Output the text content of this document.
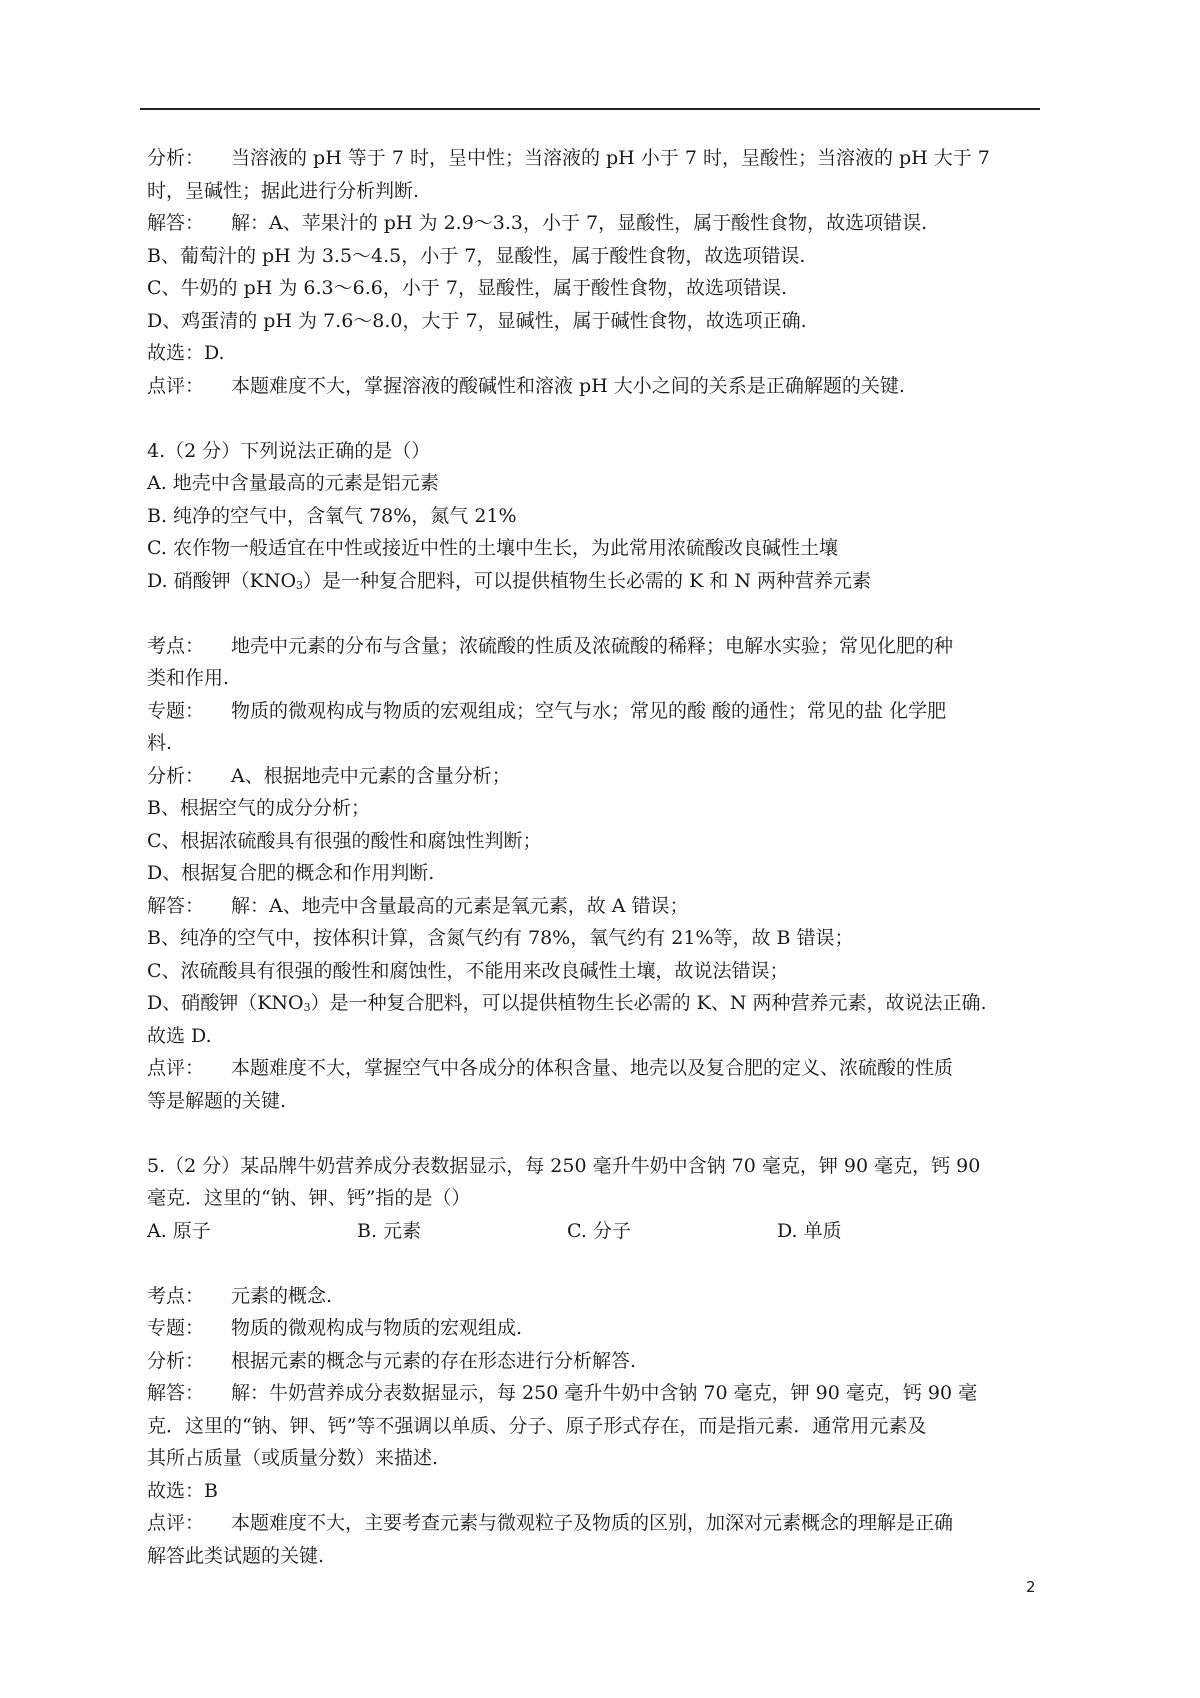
分析： 当溶液的 pH 等于 7 时，呈中性；当溶液的 pH 小于 7 时，呈酸性；当溶液的 pH 大于 7
时，呈碱性；据此进行分析判断.
解答： 解：A、苹果汁的 pH 为 2.9～3.3，小于 7，显酸性，属于酸性食物，故选项错误.
B、葡萄汁的 pH 为 3.5～4.5，小于 7，显酸性，属于酸性食物，故选项错误.
C、牛奶的 pH 为 6.3～6.6，小于 7，显酸性，属于酸性食物，故选项错误.
D、鸡蛋清的 pH 为 7.6～8.0，大于 7，显碱性，属于碱性食物，故选项正确.
故选：D.
点评： 本题难度不大，掌握溶液的酸碱性和溶液 pH 大小之间的关系是正确解题的关键.
4.（2 分）下列说法正确的是（）
A. 地壳中含量最高的元素是铝元素
B. 纯净的空气中，含氧气 78%，氮气 21%
C. 农作物一般适宜在中性或接近中性的土壤中生长，为此常用浓硫酸改良碱性土壤
D. 硝酸钾$(KNO_3)$是一种复合肥料，可以提供植物生长必需的 K 和 N 两种营养元素
考点： 地壳中元素的分布与含量；浓硫酸的性质及浓硫酸的稀释；电解水实验；常见化肥的种
类和作用.
专题： 物质的微观构成与物质的宏观组成；空气与水；常见的酸 酸的通性；常见的盐 化学肥
料.
分析： A、根据地壳中元素的含量分析；
B、根据空气的成分分析；
C、根据浓硫酸具有很强的酸性和腐蚀性判断；
D、根据复合肥的概念和作用判断.
解答： 解：A、地壳中含量最高的元素是氧元素，故 A 错误；
B、纯净的空气中，按体积计算，含氮气约有 78%，氧气约有 21%等，故 B 错误；
C、浓硫酸具有很强的酸性和腐蚀性，不能用来改良碱性土壤，故说法错误；
D、硝酸钾$(KNO_3)$是一种复合肥料，可以提供植物生长必需的 K、N 两种营养元素，故说法正确.
故选 D.
点评： 本题难度不大，掌握空气中各成分的体积含量、地壳以及复合肥的定义、浓硫酸的性质
等是解题的关键.
5.（2 分）某品牌牛奶营养成分表数据显示，每 250 毫升牛奶中含钠 70 毫克，钾 90 毫克，钙 90
毫克．这里的“钠、钾、钙”指的是（）
A. 原子	B. 元素	C. 分子	D. 单质
考点： 元素的概念.
专题： 物质的微观构成与物质的宏观组成.
分析： 根据元素的概念与元素的存在形态进行分析解答.
解答： 解：牛奶营养成分表数据显示，每 250 毫升牛奶中含钠 70 毫克，钾 90 毫克，钙 90 毫
克．这里的“钠、钾、钙”等不强调以单质、分子、原子形式存在，而是指元素．通常用元素及
其所占质量（或质量分数）来描述.
故选：B
点评： 本题难度不大，主要考查元素与微观粒子及物质的区别，加深对元素概念的理解是正确
解答此类试题的关键.
2
